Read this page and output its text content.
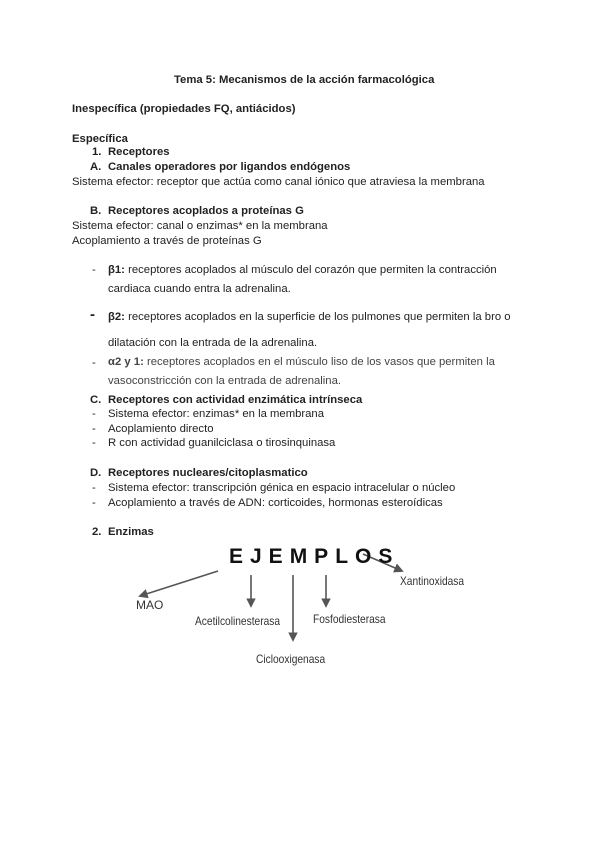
Tema 5: Mecanismos de la acción farmacológica
Inespecífica (propiedades FQ, antiácidos)
Específica
1. Receptores
A. Canales operadores por ligandos endógenos
Sistema efector: receptor que actúa como canal iónico que atraviesa la membrana
B. Receptores acoplados a proteínas G
Sistema efector: canal o enzimas* en la membrana
Acoplamiento a través de proteínas G
- β1: receptores acoplados al músculo del corazón que permiten la contracción
cardiaca cuando entra la adrenalina.
- β2: receptores acoplados en la superficie de los pulmones que permiten la bro o
dilatación con la entrada de la adrenalina.
- α2 y 1: receptores acoplados en el músculo liso de los vasos que permiten la
vasoconstricción con la entrada de adrenalina.
C. Receptores con actividad enzimática intrínseca
- Sistema efector: enzimas* en la membrana
- Acoplamiento directo
- R con actividad guanilciclasa o tirosinquinasa
D. Receptores nucleares/citoplasmatico
- Sistema efector: transcripción génica en espacio intracelular o núcleo
- Acoplamiento a través de ADN: corticoides, hormonas esteroídicas
2. Enzimas
EJEMPLOS
MAO
Acetilcolinesterasa
Ciclooxigenasa
Fosfodiesterasa
Xantinoxidasa
